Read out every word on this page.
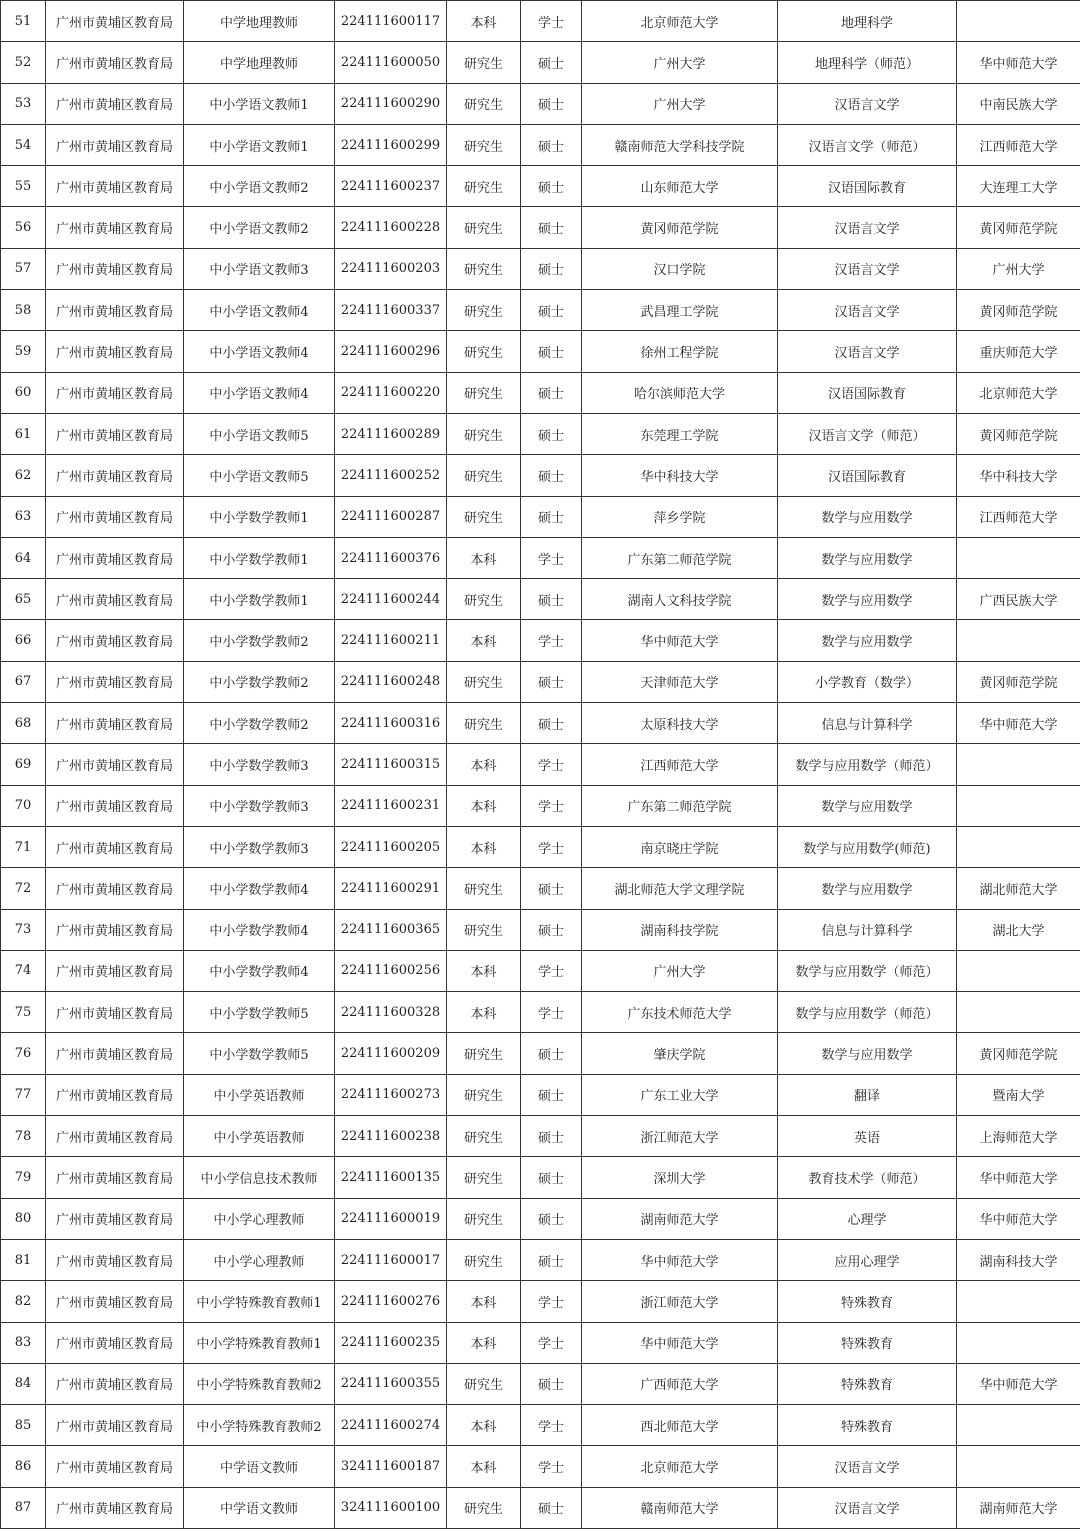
51	广州市黄埔区教育局	中学地理教师	224111600117	本科	学士	北京师范大学	地理科学	
52	广州市黄埔区教育局	中学地理教师	224111600050	研究生	硕士	广州大学	地理科学（师范）	华中师范大学
53	广州市黄埔区教育局	中小学语文教师1	224111600290	研究生	硕士	广州大学	汉语言文学	中南民族大学
54	广州市黄埔区教育局	中小学语文教师1	224111600299	研究生	硕士	赣南师范大学科技学院	汉语言文学（师范）	江西师范大学
55	广州市黄埔区教育局	中小学语文教师2	224111600237	研究生	硕士	山东师范大学	汉语国际教育	大连理工大学
56	广州市黄埔区教育局	中小学语文教师2	224111600228	研究生	硕士	黄冈师范学院	汉语言文学	黄冈师范学院
57	广州市黄埔区教育局	中小学语文教师3	224111600203	研究生	硕士	汉口学院	汉语言文学	广州大学
58	广州市黄埔区教育局	中小学语文教师4	224111600337	研究生	硕士	武昌理工学院	汉语言文学	黄冈师范学院
59	广州市黄埔区教育局	中小学语文教师4	224111600296	研究生	硕士	徐州工程学院	汉语言文学	重庆师范大学
60	广州市黄埔区教育局	中小学语文教师4	224111600220	研究生	硕士	哈尔滨师范大学	汉语国际教育	北京师范大学
61	广州市黄埔区教育局	中小学语文教师5	224111600289	研究生	硕士	东莞理工学院	汉语言文学（师范）	黄冈师范学院
62	广州市黄埔区教育局	中小学语文教师5	224111600252	研究生	硕士	华中科技大学	汉语国际教育	华中科技大学
63	广州市黄埔区教育局	中小学数学教师1	224111600287	研究生	硕士	萍乡学院	数学与应用数学	江西师范大学
64	广州市黄埔区教育局	中小学数学教师1	224111600376	本科	学士	广东第二师范学院	数学与应用数学	
65	广州市黄埔区教育局	中小学数学教师1	224111600244	研究生	硕士	湖南人文科技学院	数学与应用数学	广西民族大学
66	广州市黄埔区教育局	中小学数学教师2	224111600211	本科	学士	华中师范大学	数学与应用数学	
67	广州市黄埔区教育局	中小学数学教师2	224111600248	研究生	硕士	天津师范大学	小学教育（数学）	黄冈师范学院
68	广州市黄埔区教育局	中小学数学教师2	224111600316	研究生	硕士	太原科技大学	信息与计算科学	华中师范大学
69	广州市黄埔区教育局	中小学数学教师3	224111600315	本科	学士	江西师范大学	数学与应用数学（师范）	
70	广州市黄埔区教育局	中小学数学教师3	224111600231	本科	学士	广东第二师范学院	数学与应用数学	
71	广州市黄埔区教育局	中小学数学教师3	224111600205	本科	学士	南京晓庄学院	数学与应用数学(师范)	
72	广州市黄埔区教育局	中小学数学教师4	224111600291	研究生	硕士	湖北师范大学文理学院	数学与应用数学	湖北师范大学
73	广州市黄埔区教育局	中小学数学教师4	224111600365	研究生	硕士	湖南科技学院	信息与计算科学	湖北大学
74	广州市黄埔区教育局	中小学数学教师4	224111600256	本科	学士	广州大学	数学与应用数学（师范）	
75	广州市黄埔区教育局	中小学数学教师5	224111600328	本科	学士	广东技术师范大学	数学与应用数学（师范）	
76	广州市黄埔区教育局	中小学数学教师5	224111600209	研究生	硕士	肇庆学院	数学与应用数学	黄冈师范学院
77	广州市黄埔区教育局	中小学英语教师	224111600273	研究生	硕士	广东工业大学	翻译	暨南大学
78	广州市黄埔区教育局	中小学英语教师	224111600238	研究生	硕士	浙江师范大学	英语	上海师范大学
79	广州市黄埔区教育局	中小学信息技术教师	224111600135	研究生	硕士	深圳大学	教育技术学（师范）	华中师范大学
80	广州市黄埔区教育局	中小学心理教师	224111600019	研究生	硕士	湖南师范大学	心理学	华中师范大学
81	广州市黄埔区教育局	中小学心理教师	224111600017	研究生	硕士	华中师范大学	应用心理学	湖南科技大学
82	广州市黄埔区教育局	中小学特殊教育教师1	224111600276	本科	学士	浙江师范大学	特殊教育	
83	广州市黄埔区教育局	中小学特殊教育教师1	224111600235	本科	学士	华中师范大学	特殊教育	
84	广州市黄埔区教育局	中小学特殊教育教师2	224111600355	研究生	硕士	广西师范大学	特殊教育	华中师范大学
85	广州市黄埔区教育局	中小学特殊教育教师2	224111600274	本科	学士	西北师范大学	特殊教育	
86	广州市黄埔区教育局	中学语文教师	324111600187	本科	学士	北京师范大学	汉语言文学	
87	广州市黄埔区教育局	中学语文教师	324111600100	研究生	硕士	赣南师范大学	汉语言文学	湖南师范大学
